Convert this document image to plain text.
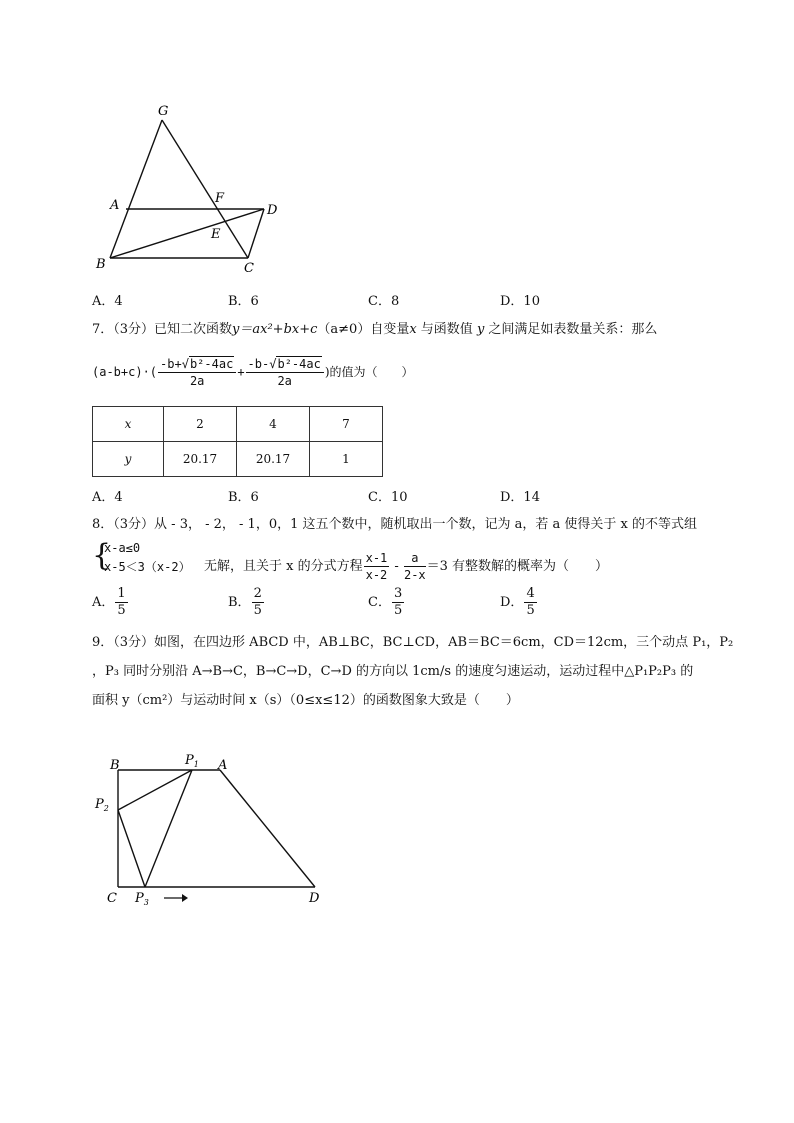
G
A	F
D
E
B	C
A．4	B．6	C．8	D．10
7．（3分）已知二次函数y＝ax²+bx+c（a≠0）自变量x 与函数值 y 之间满足如表数量关系：那么
$(a-b+c)\cdot( \frac{\text{-b+√b²-4ac}}{2a} + \frac{\text{-b-√b²-4ac}}{2a}$ )的值为（　　）
x	2	4	7
y	20.17	20.17	1
A．4	B．6	C．10	D．14
8．（3分）从 - 3， - 2， - 1，0，1 这五个数中，随机取出一个数，记为 a，若 a 使得关于 x 的不等式组
{
x-a≤0
x-5＜3（x-2） 无解，且关于 x 的分式方程 $\frac{x-1}{x-2} - \frac{a}{2-x} =3$ 有整数解的概率为（　　）
A． $\frac{1}{5}$	B． $\frac{2}{5}$	C． $\frac{3}{5}$	D． $\frac{4}{5}$
9．（3分）如图，在四边形 ABCD 中，AB⊥BC，BC⊥CD，AB＝BC＝6cm，CD＝12cm，三个动点 P₁，P₂
，P₃ 同时分别沿 A→B→C，B→C→D，C→D 的方向以 1cm/s 的速度匀速运动，运动过程中△P₁P₂P₃ 的
面积 y（cm²）与运动时间 x（s）（0≤x≤12）的函数图象大致是（　　）
B	$P_1$ A
$P_2$
C $P_3$	D
